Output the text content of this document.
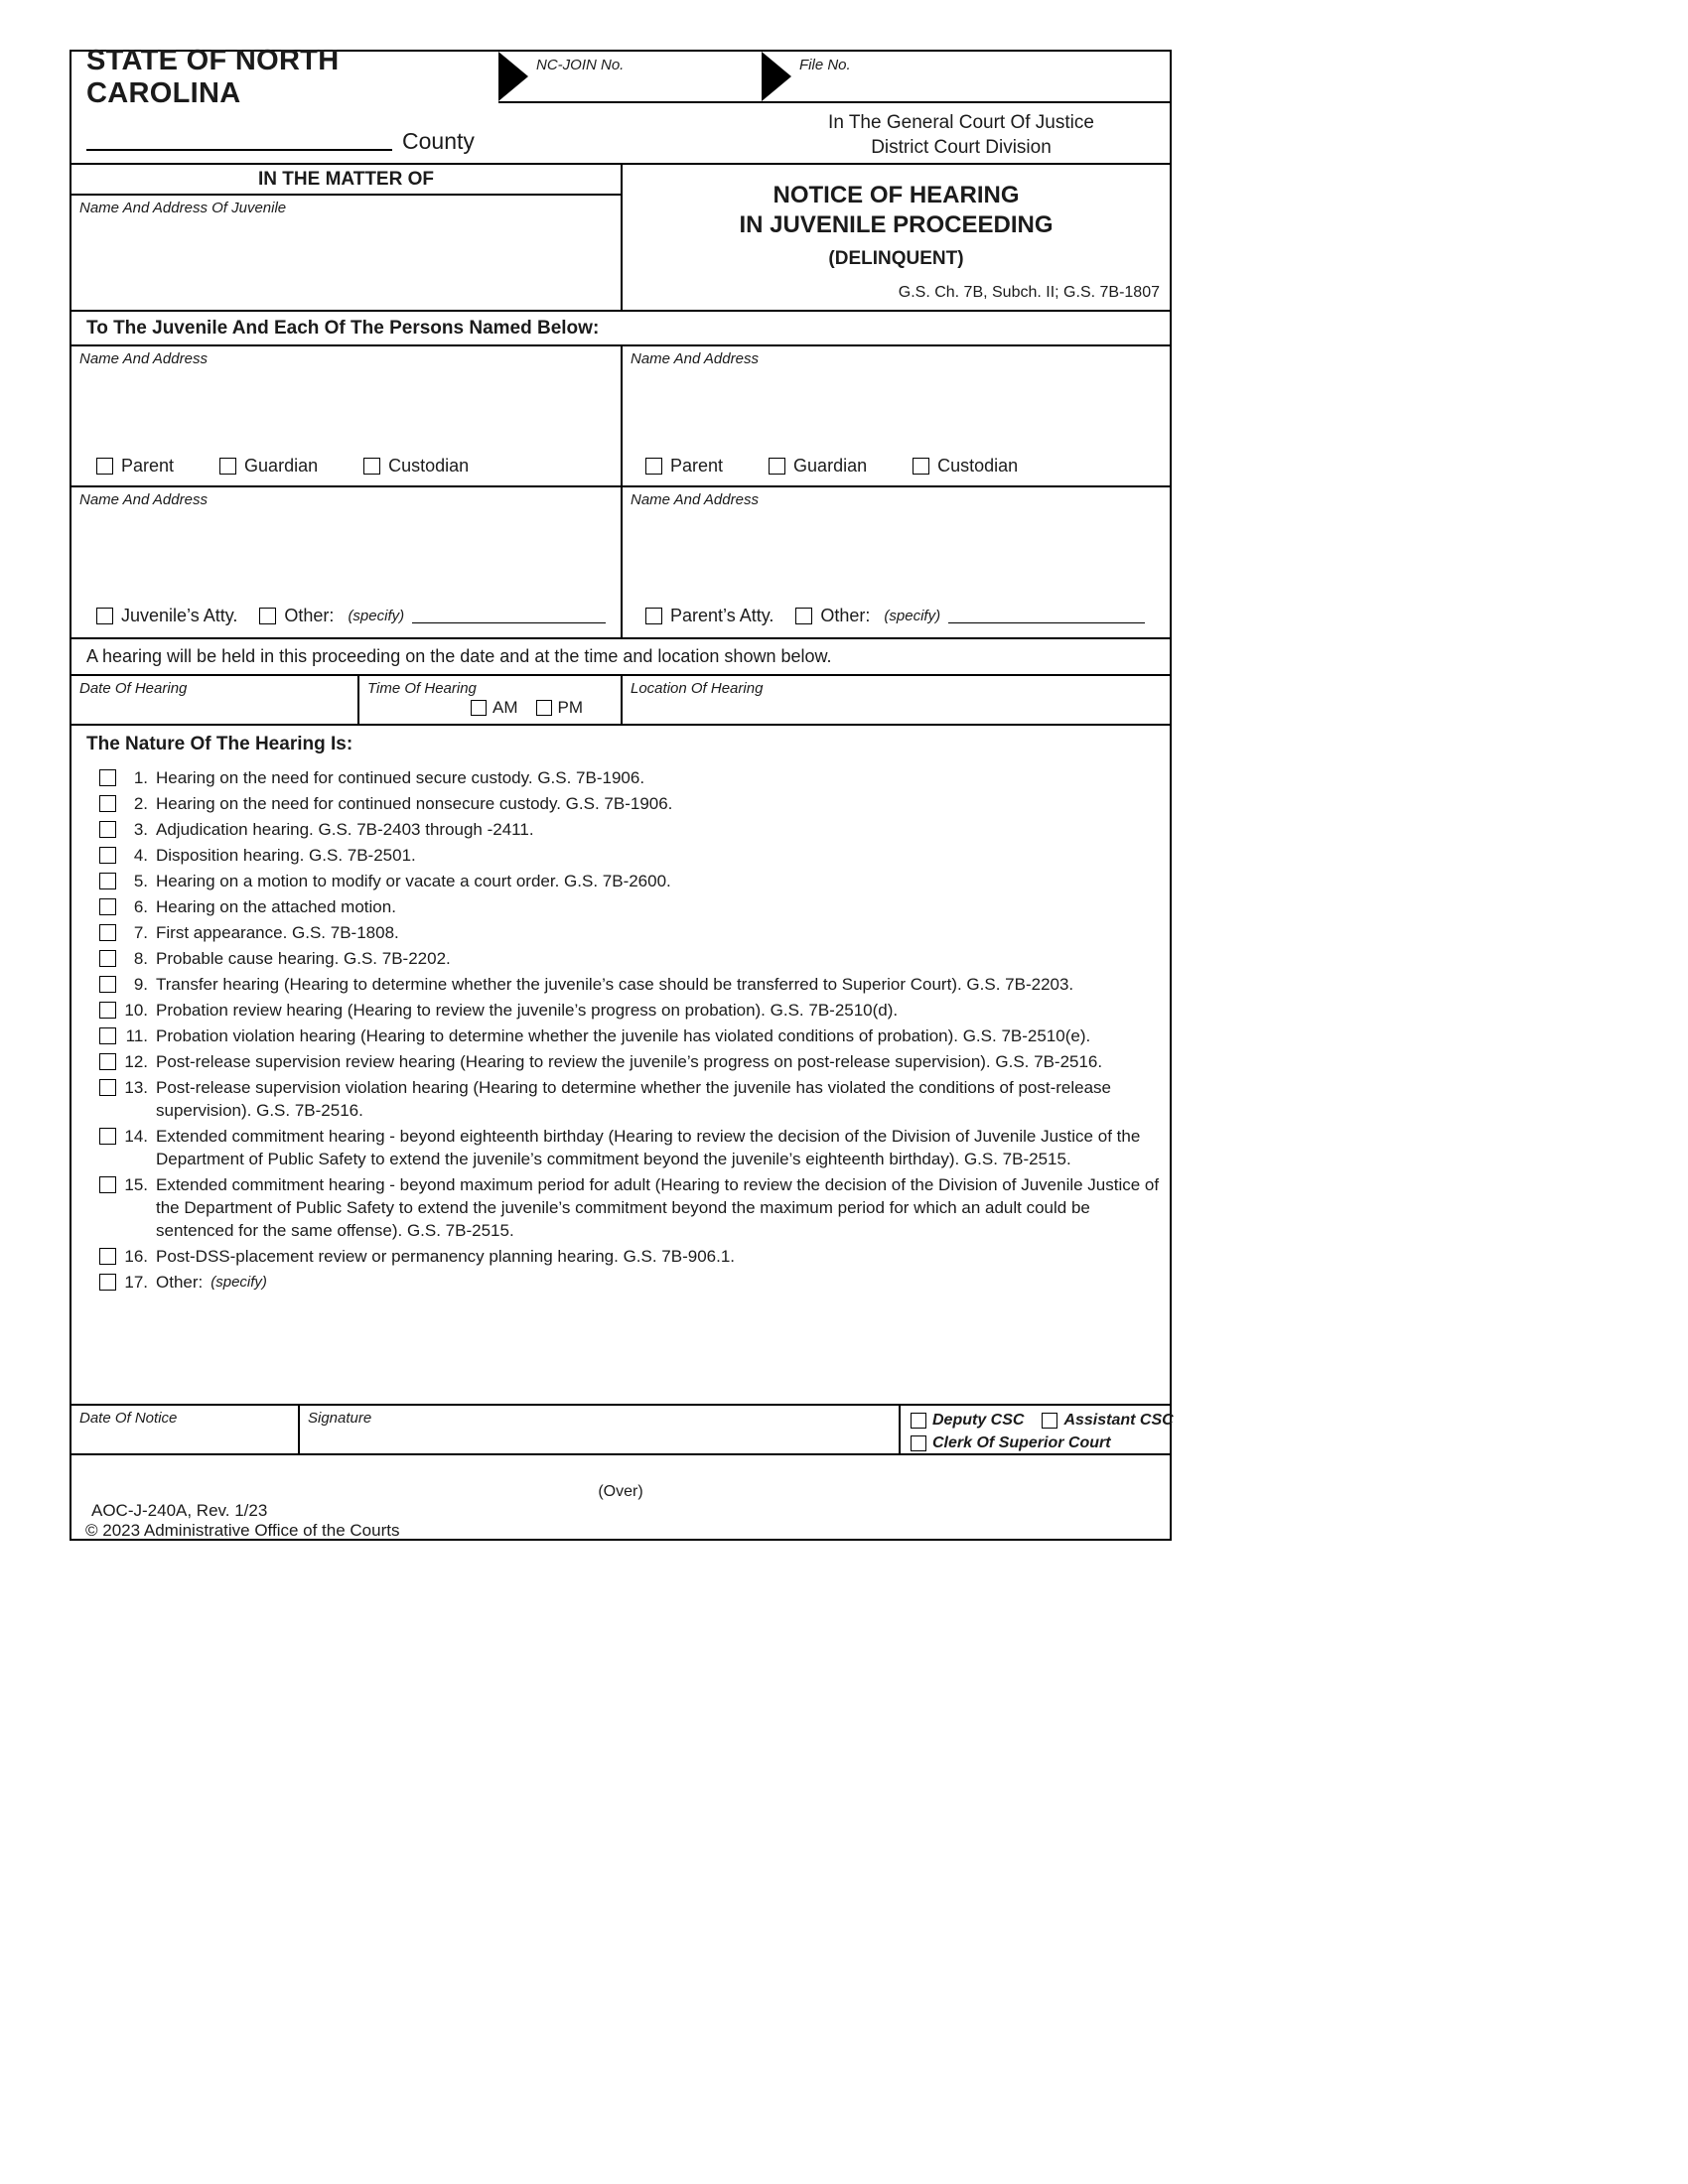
STATE OF NORTH CAROLINA
NC-JOIN No.	File No.
County
In The General Court Of Justice
District Court Division
IN THE MATTER OF
Name And Address Of Juvenile	NOTICE OF HEARING
IN JUVENILE PROCEEDING
(DELINQUENT)
G.S. Ch. 7B, Subch. II; G.S. 7B-1807
To The Juvenile And Each Of The Persons Named Below:
Name And Address
Parent	Guardian	Custodian
Name And Address
Parent	Guardian	Custodian
Name And Address
Juvenile’s Atty.	Other: (specify)
Name And Address
Parent’s Atty.	Other: (specify)
A hearing will be held in this proceeding on the date and at the time and location shown below.
Date Of Hearing	Time Of Hearing
AM PM
Location Of Hearing
The Nature Of The Hearing Is:
1. Hearing on the need for continued secure custody. G.S. 7B-1906.
2. Hearing on the need for continued nonsecure custody. G.S. 7B-1906.
3. Adjudication hearing. G.S. 7B-2403 through -2411.
4. Disposition hearing. G.S. 7B-2501.
5. Hearing on a motion to modify or vacate a court order. G.S. 7B-2600.
6. Hearing on the attached motion.
7. First appearance. G.S. 7B-1808.
8. Probable cause hearing. G.S. 7B-2202.
9. Transfer hearing (Hearing to determine whether the juvenile’s case should be transferred to Superior Court). G.S. 7B-2203.
10. Probation review hearing (Hearing to review the juvenile’s progress on probation). G.S. 7B-2510(d).
11. Probation violation hearing (Hearing to determine whether the juvenile has violated conditions of probation). G.S. 7B-2510(e).
12. Post-release supervision review hearing (Hearing to review the juvenile’s progress on post-release supervision). G.S. 7B-2516.
13. Post-release supervision violation hearing (Hearing to determine whether the juvenile has violated the conditions of post-release supervision). G.S. 7B-2516.
14. Extended commitment hearing - beyond eighteenth birthday (Hearing to review the decision of the Division of Juvenile Justice of the Department of Public Safety to extend the juvenile’s commitment beyond the juvenile’s eighteenth birthday). G.S. 7B-2515.
15. Extended commitment hearing - beyond maximum period for adult (Hearing to review the decision of the Division of Juvenile Justice of the Department of Public Safety to extend the juvenile’s commitment beyond the maximum period for which an adult could be sentenced for the same offense). G.S. 7B-2515.
16. Post-DSS-placement review or permanency planning hearing. G.S. 7B-906.1.
17. Other: (specify)
Date Of Notice	Signature	Deputy CSC	Assistant CSC
Clerk Of Superior Court
(Over)
AOC-J-240A, Rev. 1/23
© 2023 Administrative Office of the Courts
